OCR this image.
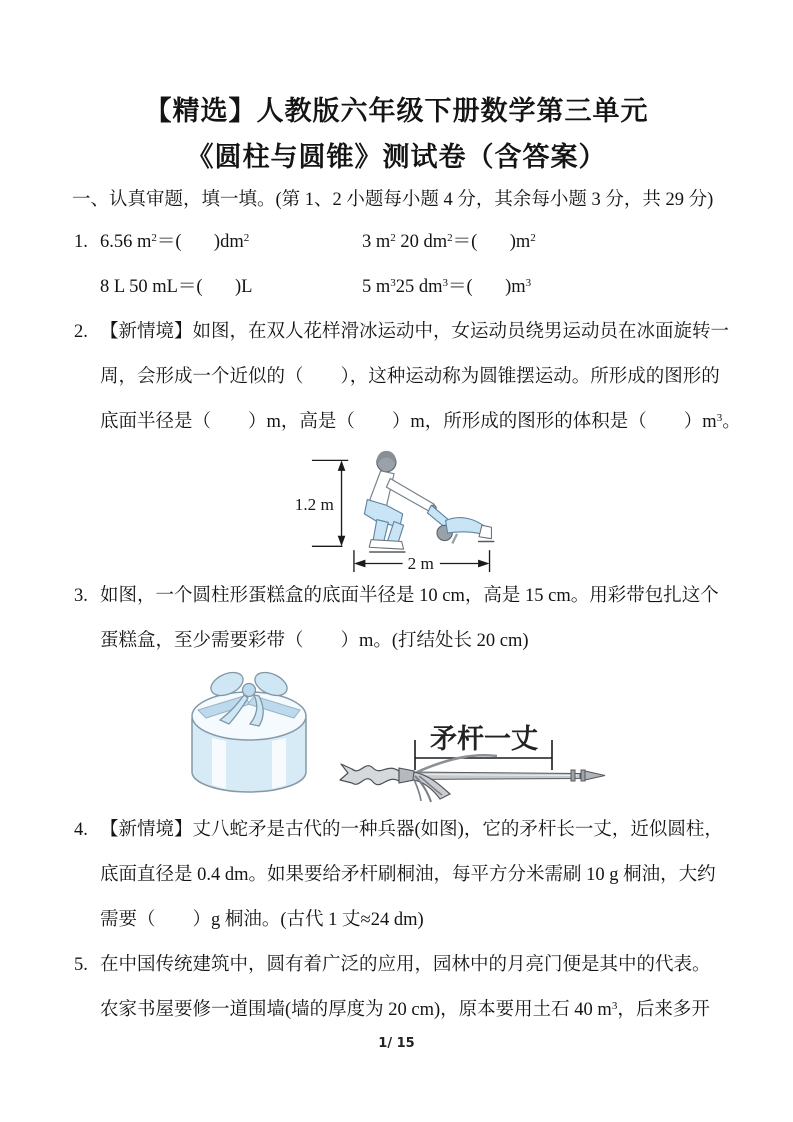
【精选】人教版六年级下册数学第三单元
《圆柱与圆锥》测试卷（含答案）
一、认真审题，填一填。(第 1、2 小题每小题 4 分，其余每小题 3 分，共 29 分)
1. 6.56 $m^2=$(       )$dm^2$	3 $m^2$ 20 $dm^2=$(       )$m^2$
8 L 50 mL＝(       )L	5 $m^325$ $dm^3=$(       )$m^3$
2. 【新情境】如图，在双人花样滑冰运动中，女运动员绕男运动员在冰面旋转一
周，会形成一个近似的（　　），这种运动称为圆锥摆运动。所形成的图形的
底面半径是（　　）m，高是（　　）m，所形成的图形的体积是（　　）$m^3$。
1.2 m
2 m
3. 如图，一个圆柱形蛋糕盒的底面半径是 10 cm，高是 15 cm。用彩带包扎这个
蛋糕盒，至少需要彩带（　　）m。(打结处长 20 cm)
矛杆一丈
4. 【新情境】丈八蛇矛是古代的一种兵器(如图)，它的矛杆长一丈，近似圆柱，
底面直径是 0.4 dm。如果要给矛杆刷桐油，每平方分米需刷 10 g 桐油，大约
需要（　　）g 桐油。(古代 1 丈≈24 dm)
5. 在中国传统建筑中，圆有着广泛的应用，园林中的月亮门便是其中的代表。
农家书屋要修一道围墙(墙的厚度为 20 cm)，原本要用土石 40 $m^3$，后来多开
1/ 15
